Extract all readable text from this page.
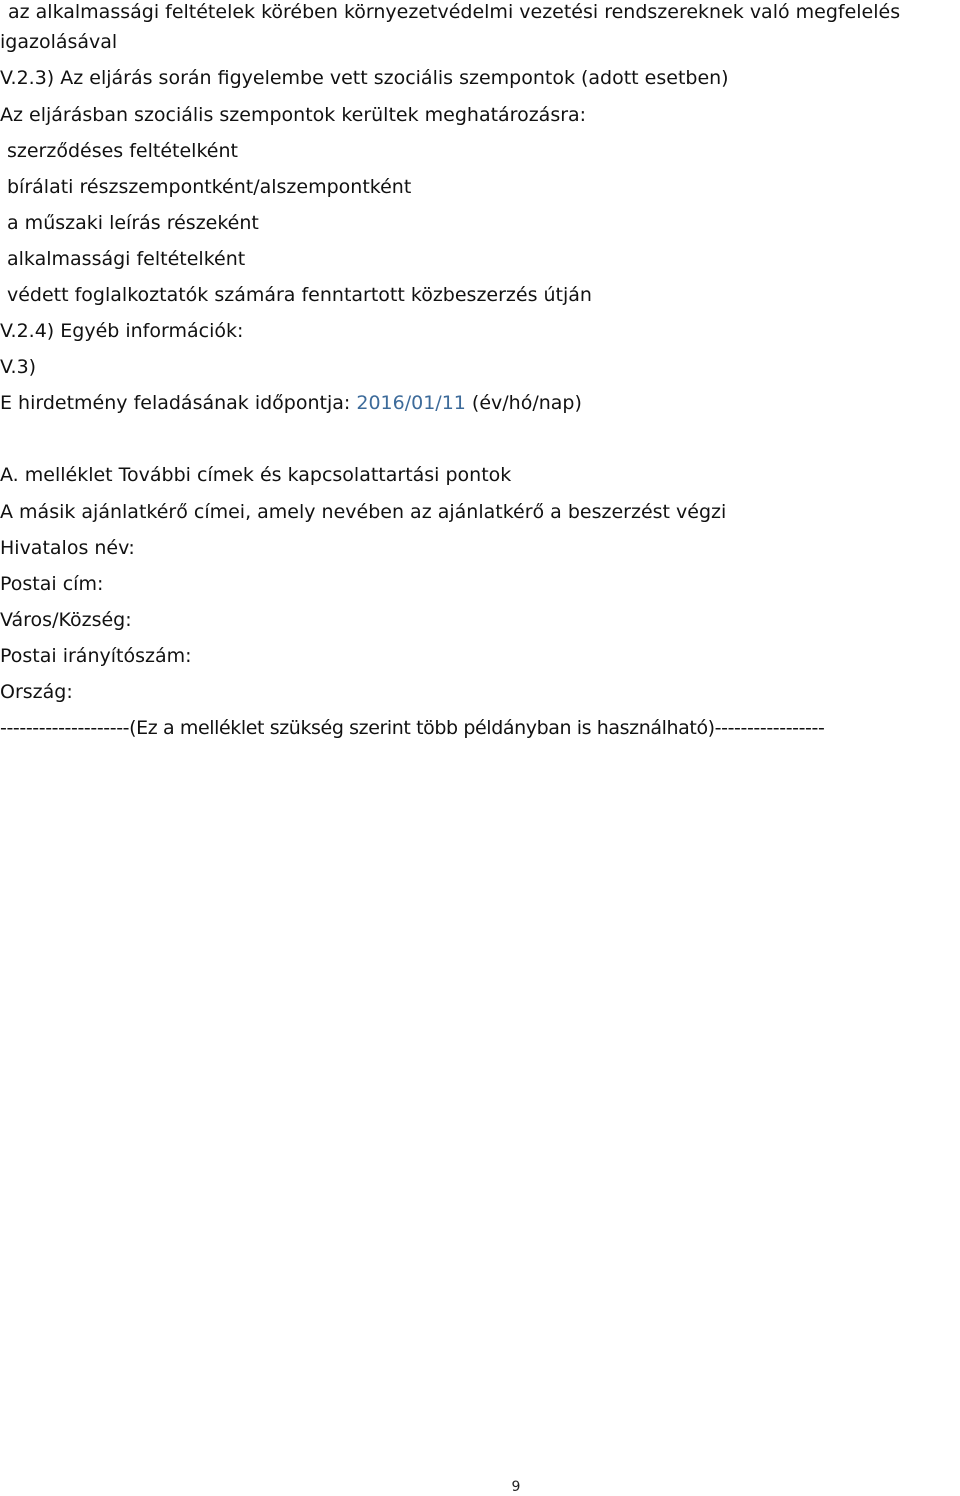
az alkalmassági feltételek körében környezetvédelmi vezetési rendszereknek való megfelelés
igazolásával
V.2.3) Az eljárás során figyelembe vett szociális szempontok (adott esetben)
Az eljárásban szociális szempontok kerültek meghatározásra:
szerződéses feltételként
bírálati részszempontként/alszempontként
a műszaki leírás részeként
alkalmassági feltételként
védett foglalkoztatók számára fenntartott közbeszerzés útján
V.2.4) Egyéb információk:
V.3)
E hirdetmény feladásának időpontja: 2016/01/11 (év/hó/nap)
A. melléklet További címek és kapcsolattartási pontok
A másik ajánlatkérő címei, amely nevében az ajánlatkérő a beszerzést végzi
Hivatalos név:
Postai cím:
Város/Község:
Postai irányítószám:
Ország:
--------------------(Ez a melléklet szükség szerint több példányban is használható)-----------------
9
